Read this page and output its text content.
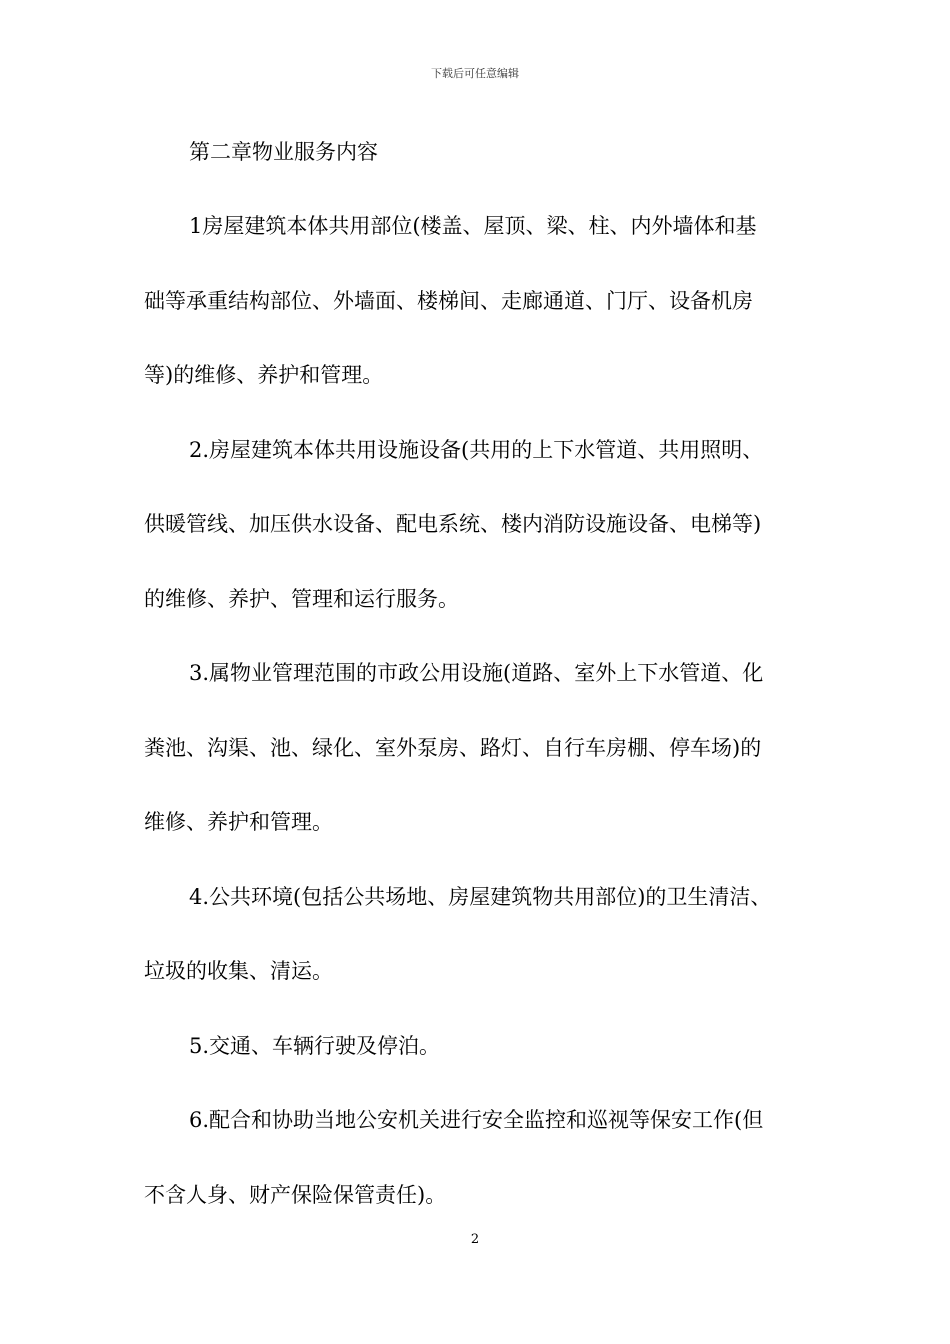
下载后可任意编辑
第二章物业服务内容
1房屋建筑本体共用部位(楼盖、屋顶、梁、柱、内外墙体和基
础等承重结构部位、外墙面、楼梯间、走廊通道、门厅、设备机房
等)的维修、养护和管理。
2.房屋建筑本体共用设施设备(共用的上下水管道、共用照明、
供暖管线、加压供水设备、配电系统、楼内消防设施设备、电梯等)
的维修、养护、管理和运行服务。
3.属物业管理范围的市政公用设施(道路、室外上下水管道、化
粪池、沟渠、池、绿化、室外泵房、路灯、自行车房棚、停车场)的
维修、养护和管理。
4.公共环境(包括公共场地、房屋建筑物共用部位)的卫生清洁、
垃圾的收集、清运。
5.交通、车辆行驶及停泊。
6.配合和协助当地公安机关进行安全监控和巡视等保安工作(但
不含人身、财产保险保管责任)。
2
